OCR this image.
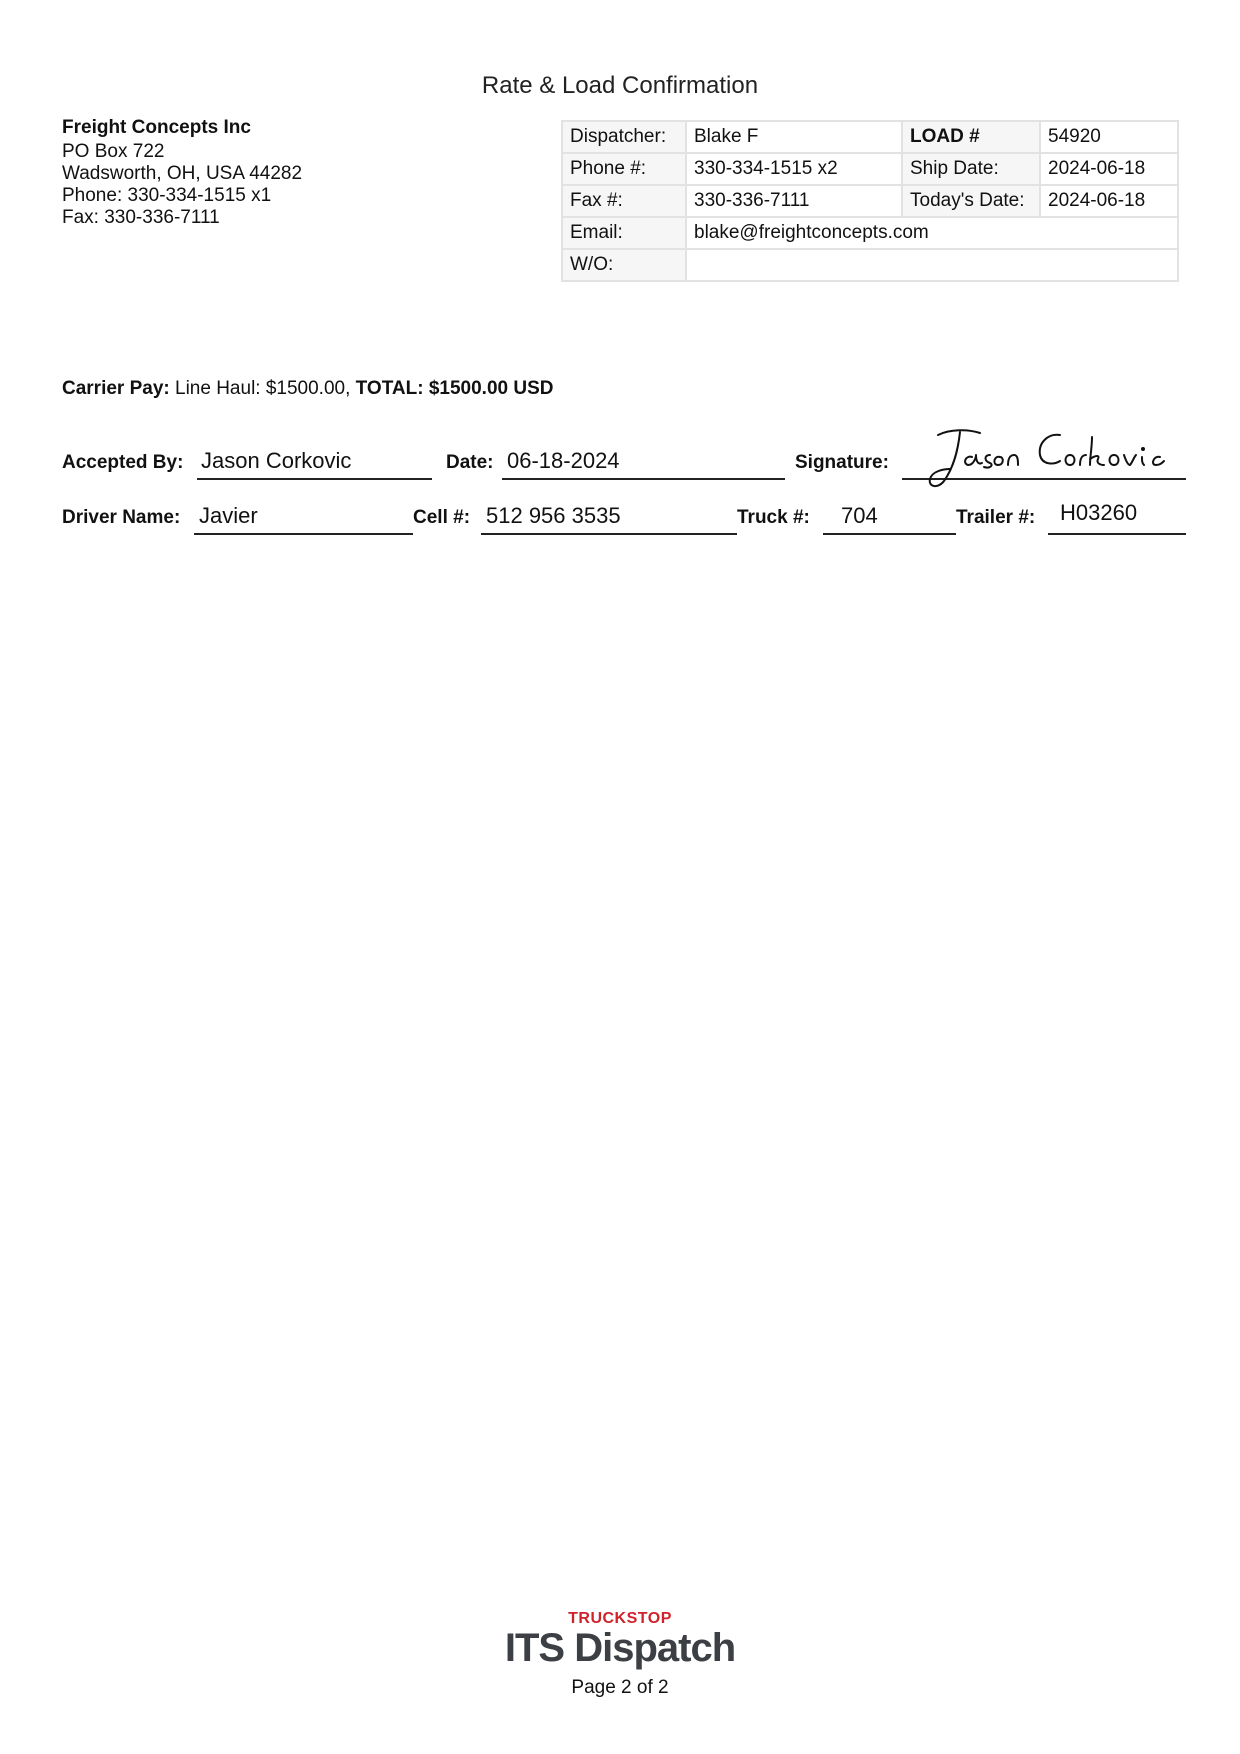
Rate & Load Confirmation
Freight Concepts Inc
PO Box 722
Wadsworth, OH, USA 44282
Phone: 330-334-1515 x1
Fax: 330-336-7111
Dispatcher:	Blake F	LOAD #	54920
Phone #:	330-334-1515 x2	Ship Date:	2024-06-18
Fax #:	330-336-7111	Today's Date:	2024-06-18
Email:	blake@freightconcepts.com		
W/O:			
Carrier Pay: Line Haul: $1500.00, TOTAL: $1500.00 USD
Accepted By: Jason Corkovic	Date: 06-18-2024	Signature:
Driver Name: Javier	Cell #: 512 956 3535	Truck #: 704	Trailer #: H03260
TRUCKSTOP
ITS Dispatch
Page 2 of 2
